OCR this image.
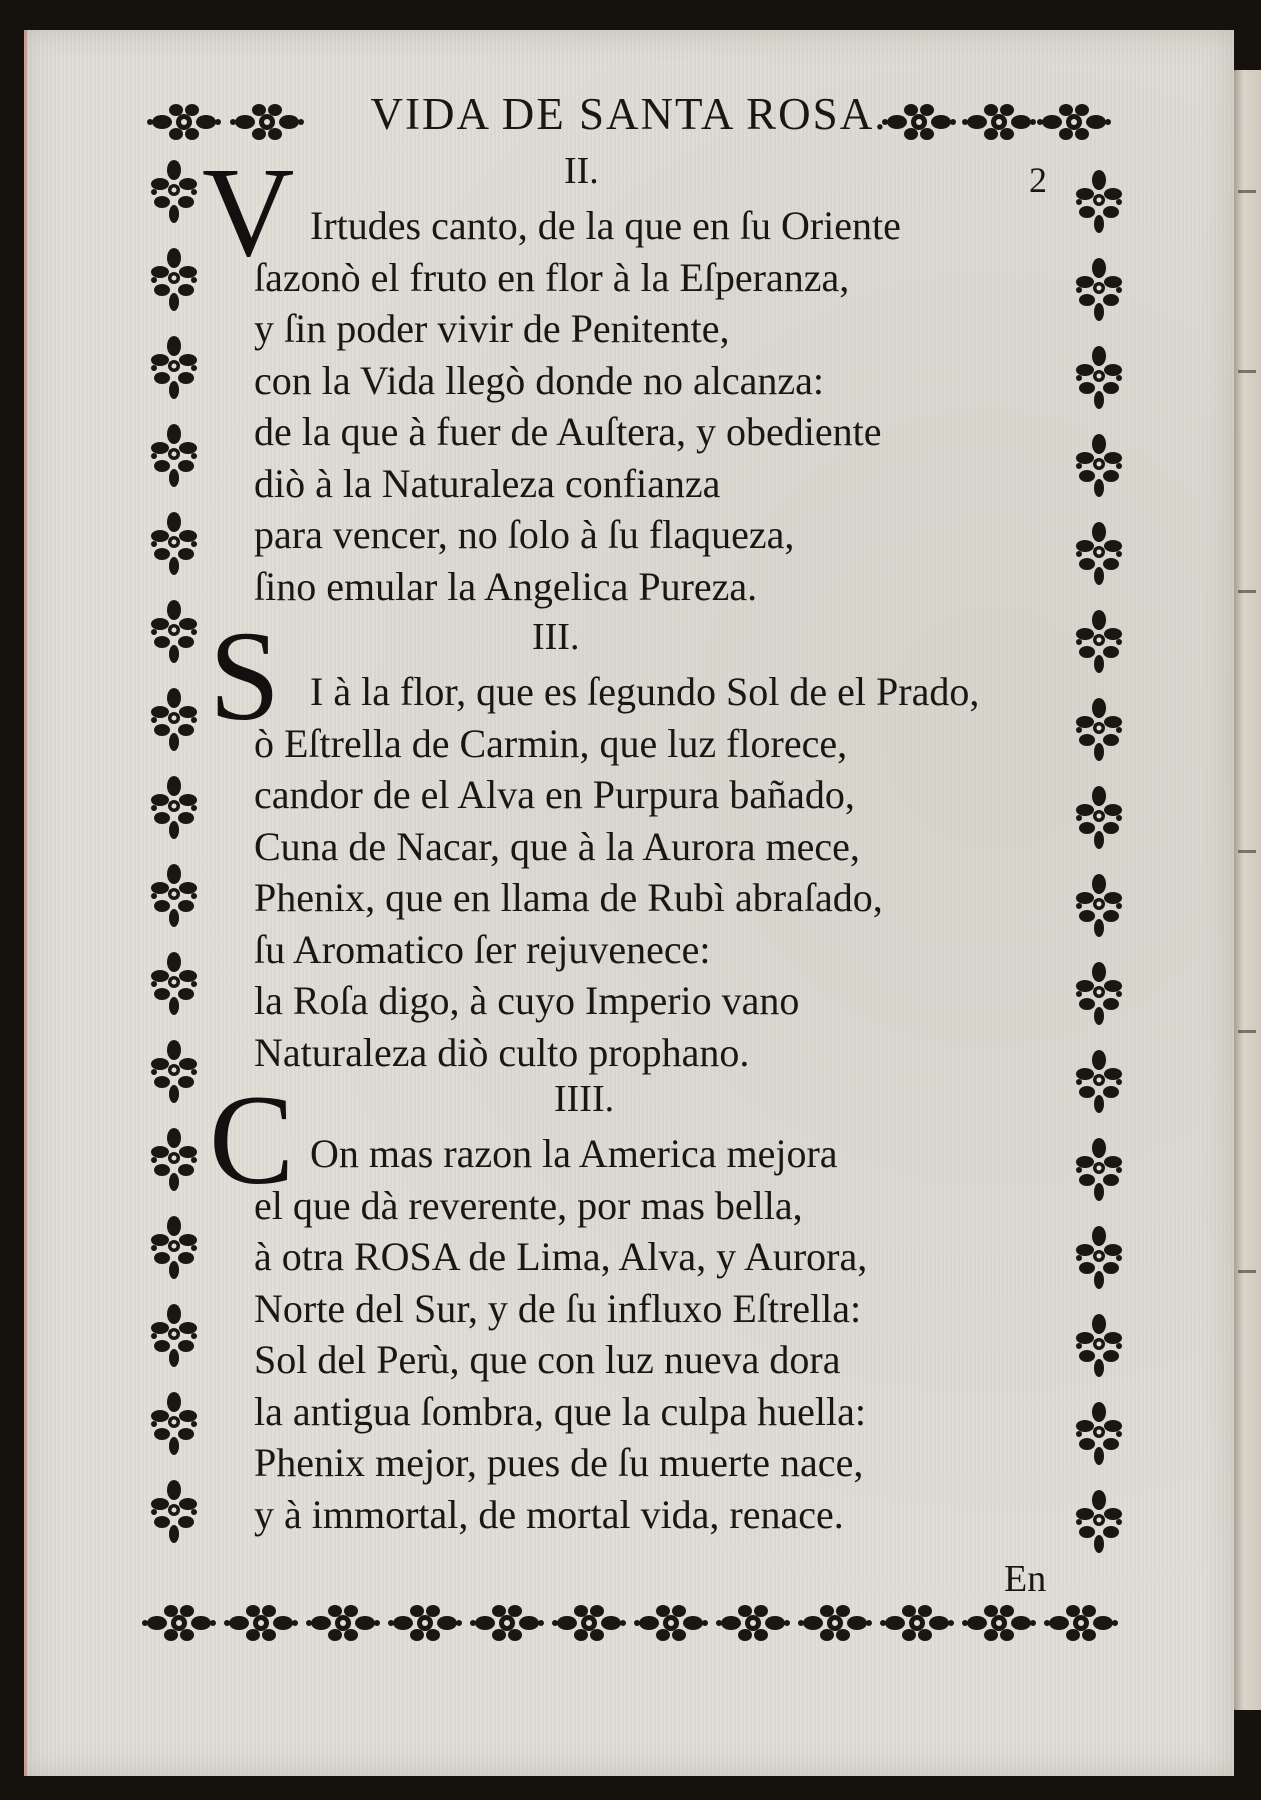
VIDA DE SANTA ROSA.
2
II.
V Irtudes canto, de la que en ſu Oriente
ſazonò el fruto en flor à la Eſperanza,
y ſin poder vivir de Penitente,
con la Vida llegò donde no alcanza:
de la que à fuer de Auſtera, y obediente
diò à la Naturaleza confianza
para vencer, no ſolo à ſu flaqueza,
ſino emular la Angelica Pureza.
III.
S I à la flor, que es ſegundo Sol de el Prado,
ò Eſtrella de Carmin, que luz florece,
candor de el Alva en Purpura bañado,
Cuna de Nacar, que à la Aurora mece,
Phenix, que en llama de Rubì abraſado,
ſu Aromatico ſer rejuvenece:
la Roſa digo, à cuyo Imperio vano
Naturaleza diò culto prophano.
IIII.
C On mas razon la America mejora
el que dà reverente, por mas bella,
à otra ROSA de Lima, Alva, y Aurora,
Norte del Sur, y de ſu influxo Eſtrella:
Sol del Perù, que con luz nueva dora
la antigua ſombra, que la culpa huella:
Phenix mejor, pues de ſu muerte nace,
y à immortal, de mortal vida, renace.
En
